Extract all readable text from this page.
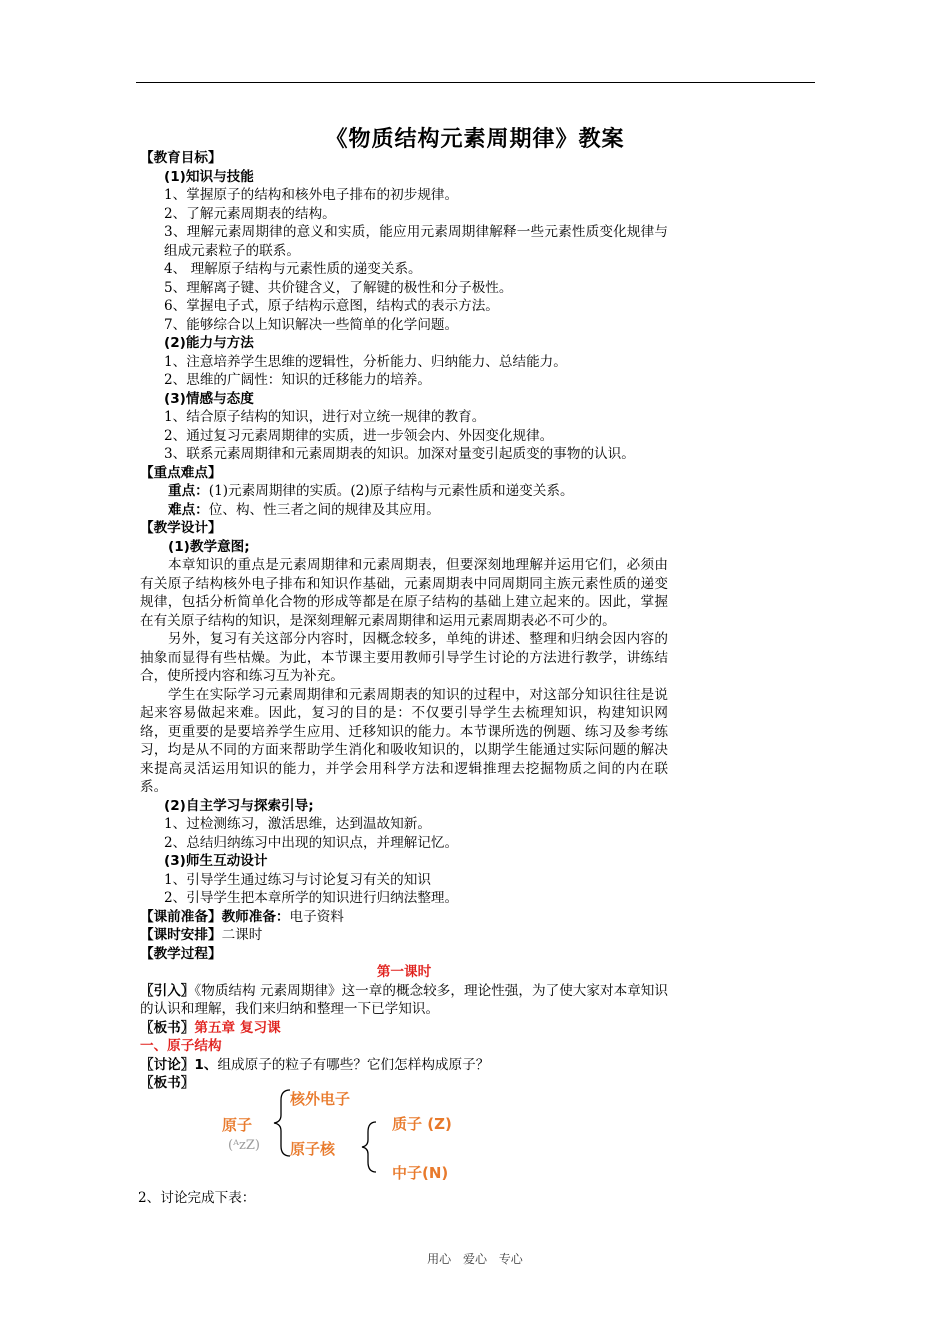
《物质结构元素周期律》教案
【教育目标】
(1)知识与技能
1、掌握原子的结构和核外电子排布的初步规律。
2、了解元素周期表的结构。
3、理解元素周期律的意义和实质，能应用元素周期律解释一些元素性质变化规律与组成元素粒子的联系。
4、 理解原子结构与元素性质的递变关系。
5、理解离子键、共价键含义，了解键的极性和分子极性。
6、掌握电子式，原子结构示意图，结构式的表示方法。
7、能够综合以上知识解决一些简单的化学问题。
(2)能力与方法
1、注意培养学生思维的逻辑性，分析能力、归纳能力、总结能力。
2、思维的广阔性：知识的迁移能力的培养。
(3)情感与态度
1、结合原子结构的知识，进行对立统一规律的教育。
2、通过复习元素周期律的实质，进一步领会内、外因变化规律。
3、联系元素周期律和元素周期表的知识。加深对量变引起质变的事物的认识。
【重点难点】
重点：(1)元素周期律的实质。(2)原子结构与元素性质和递变关系。
难点：位、构、性三者之间的规律及其应用。
【教学设计】
(1)教学意图;
本章知识的重点是元素周期律和元素周期表，但要深刻地理解并运用它们，必须由有关原子结构核外电子排布和知识作基础，元素周期表中同周期同主族元素性质的递变规律，包括分析简单化合物的形成等都是在原子结构的基础上建立起来的。因此，掌握在有关原子结构的知识，是深刻理解元素周期律和运用元素周期表必不可少的。
另外，复习有关这部分内容时，因概念较多，单纯的讲述、整理和归纳会因内容的抽象而显得有些枯燥。为此，本节课主要用教师引导学生讨论的方法进行教学，讲练结合，使所授内容和练习互为补充。
学生在实际学习元素周期律和元素周期表的知识的过程中，对这部分知识往往是说起来容易做起来难。因此，复习的目的是：不仅要引导学生去梳理知识，构建知识网络，更重要的是要培养学生应用、迁移知识的能力。本节课所选的例题、练习及参考练习，均是从不同的方面来帮助学生消化和吸收知识的，以期学生能通过实际问题的解决来提高灵活运用知识的能力，并学会用科学方法和逻辑推理去挖掘物质之间的内在联系。
(2)自主学习与探索引导;
1、过检测练习，激活思维，达到温故知新。
2、总结归纳练习中出现的知识点，并理解记忆。
(3)师生互动设计
1、引导学生通过练习与讨论复习有关的知识
2、引导学生把本章所学的知识进行归纳法整理。
【课前准备】教师准备：电子资料
【课时安排】二课时
【教学过程】
第一课时
〖引入〗《物质结构 元素周期律》这一章的概念较多，理论性强，为了使大家对本章知识的认识和理解，我们来归纳和整理一下已学知识。
〖板书〗第五章 复习课
一、原子结构
〖讨论〗1、组成原子的粒子有哪些？它们怎样构成原子？
〖板书〗
原子
(ᴬzZ)
核外电子
原子核
质子 (Z)
中子(N)
2、讨论完成下表：
用心 爱心 专心
